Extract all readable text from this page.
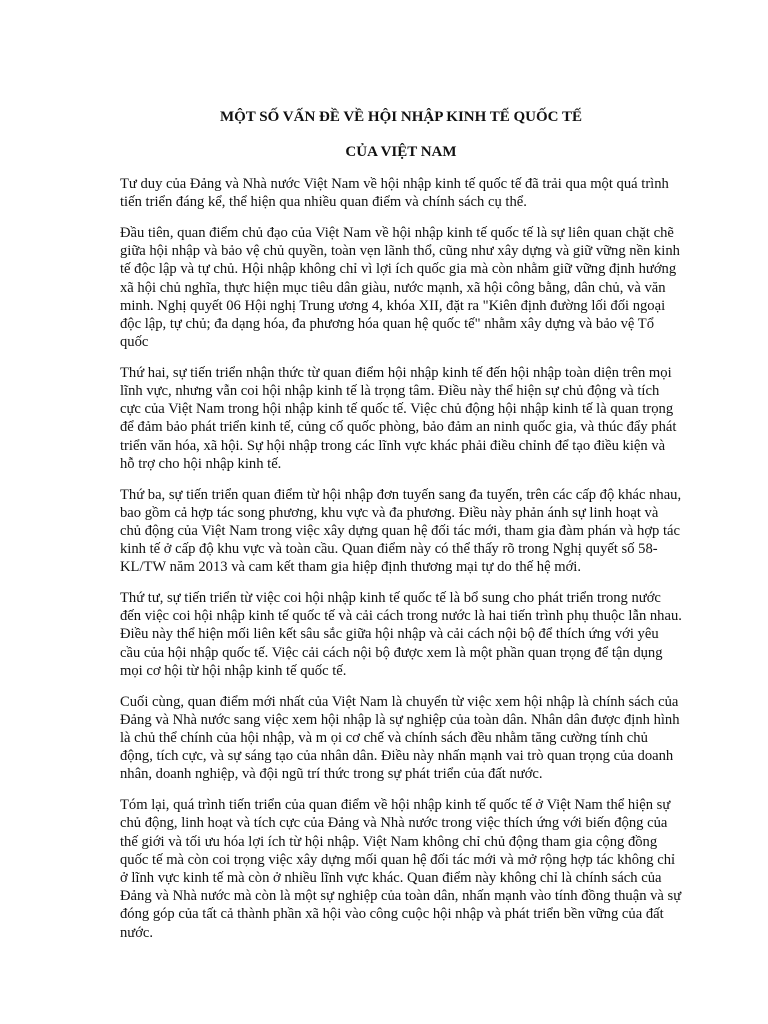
MỘT SỐ VẤN ĐỀ VỀ HỘI NHẬP KINH TẾ QUỐC TẾ
CỦA VIỆT NAM

Tư duy của Đảng và Nhà nước Việt Nam về hội nhập kinh tế quốc tế đã trải qua một quá trình tiến triển đáng kể, thể hiện qua nhiều quan điểm và chính sách cụ thể.

Đầu tiên, quan điểm chủ đạo của Việt Nam về hội nhập kinh tế quốc tế là sự liên quan chặt chẽ giữa hội nhập và bảo vệ chủ quyền, toàn vẹn lãnh thổ, cũng như xây dựng và giữ vững nền kinh tế độc lập và tự chủ. Hội nhập không chỉ vì lợi ích quốc gia mà còn nhằm giữ vững định hướng xã hội chủ nghĩa, thực hiện mục tiêu dân giàu, nước mạnh, xã hội công bằng, dân chủ, và văn minh. Nghị quyết 06 Hội nghị Trung ương 4, khóa XII, đặt ra "Kiên định đường lối đối ngoại độc lập, tự chủ; đa dạng hóa, đa phương hóa quan hệ quốc tế" nhằm xây dựng và bảo vệ Tổ quốc

Thứ hai, sự tiến triển nhận thức từ quan điểm hội nhập kinh tế đến hội nhập toàn diện trên mọi lĩnh vực, nhưng vẫn coi hội nhập kinh tế là trọng tâm. Điều này thể hiện sự chủ động và tích cực của Việt Nam trong hội nhập kinh tế quốc tế. Việc chủ động hội nhập kinh tế là quan trọng để đảm bảo phát triển kinh tế, củng cố quốc phòng, bảo đảm an ninh quốc gia, và thúc đẩy phát triển văn hóa, xã hội. Sự hội nhập trong các lĩnh vực khác phải điều chỉnh để tạo điều kiện và hỗ trợ cho hội nhập kinh tế.

Thứ ba, sự tiến triển quan điểm từ hội nhập đơn tuyến sang đa tuyến, trên các cấp độ khác nhau, bao gồm cả hợp tác song phương, khu vực và đa phương. Điều này phản ánh sự linh hoạt và chủ động của Việt Nam trong việc xây dựng quan hệ đối tác mới, tham gia đàm phán và hợp tác kinh tế ở cấp độ khu vực và toàn cầu. Quan điểm này có thể thấy rõ trong Nghị quyết số 58-KL/TW năm 2013 và cam kết tham gia hiệp định thương mại tự do thế hệ mới.

Thứ tư, sự tiến triển từ việc coi hội nhập kinh tế quốc tế là bổ sung cho phát triển trong nước đến việc coi hội nhập kinh tế quốc tế và cải cách trong nước là hai tiến trình phụ thuộc lẫn nhau. Điều này thể hiện mối liên kết sâu sắc giữa hội nhập và cải cách nội bộ để thích ứng với yêu cầu của hội nhập quốc tế. Việc cải cách nội bộ được xem là một phần quan trọng để tận dụng mọi cơ hội từ hội nhập kinh tế quốc tế.

Cuối cùng, quan điểm mới nhất của Việt Nam là chuyển từ việc xem hội nhập là chính sách của Đảng và Nhà nước sang việc xem hội nhập là sự nghiệp của toàn dân. Nhân dân được định hình là chủ thể chính của hội nhập, và m ọi cơ chế và chính sách đều nhằm tăng cường tính chủ động, tích cực, và sự sáng tạo của nhân dân. Điều này nhấn mạnh vai trò quan trọng của doanh nhân, doanh nghiệp, và đội ngũ trí thức trong sự phát triển của đất nước.

Tóm lại, quá trình tiến triển của quan điểm về hội nhập kinh tế quốc tế ở Việt Nam thể hiện sự chủ động, linh hoạt và tích cực của Đảng và Nhà nước trong việc thích ứng với biến động của thế giới và tối ưu hóa lợi ích từ hội nhập. Việt Nam không chỉ chủ động tham gia cộng đồng quốc tế mà còn coi trọng việc xây dựng mối quan hệ đối tác mới và mở rộng hợp tác không chỉ ở lĩnh vực kinh tế mà còn ở nhiều lĩnh vực khác. Quan điểm này không chỉ là chính sách của Đảng và Nhà nước mà còn là một sự nghiệp của toàn dân, nhấn mạnh vào tính đồng thuận và sự đóng góp của tất cả thành phần xã hội vào công cuộc hội nhập và phát triển bền vững của đất nước.
